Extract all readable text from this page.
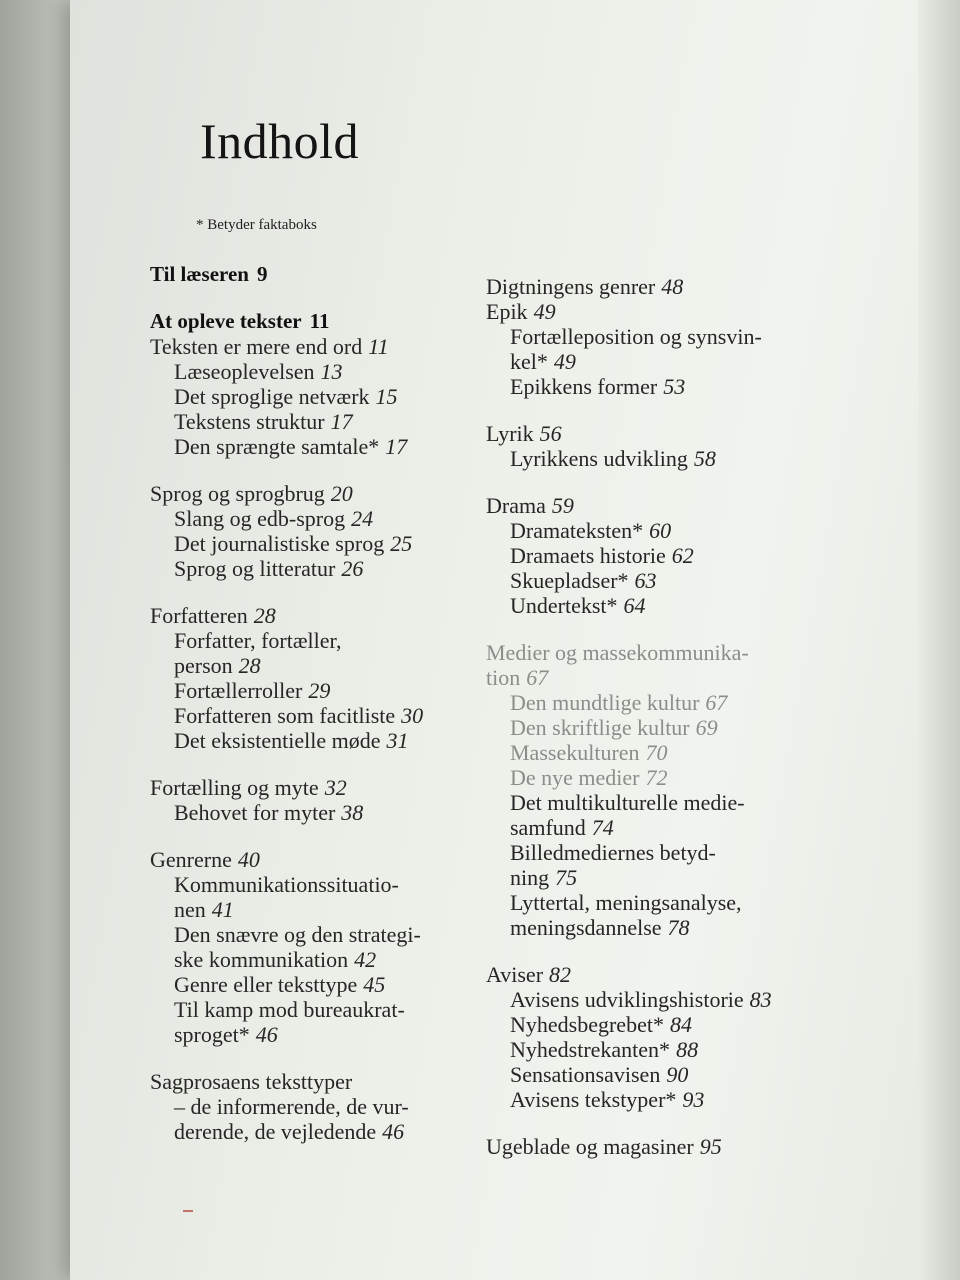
Indhold
* Betyder faktaboks
Til læseren 9
At opleve tekster 11
Teksten er mere end ord 11
Læseoplevelsen 13
Det sproglige netværk 15
Tekstens struktur 17
Den sprængte samtale* 17
Sprog og sprogbrug 20
Slang og edb-sprog 24
Det journalistiske sprog 25
Sprog og litteratur 26
Forfatteren 28
Forfatter, fortæller,
person 28
Fortællerroller 29
Forfatteren som facitliste 30
Det eksistentielle møde 31
Fortælling og myte 32
Behovet for myter 38
Genrerne 40
Kommunikationssituatio-
nen 41
Den snævre og den strategi-
ske kommunikation 42
Genre eller teksttype 45
Til kamp mod bureaukrat-
sproget* 46
Sagprosaens teksttyper
– de informerende, de vur-
derende, de vejledende 46
Digtningens genrer 48
Epik 49
Fortælleposition og synsvin-
kel* 49
Epikkens former 53
Lyrik 56
Lyrikkens udvikling 58
Drama 59
Dramateksten* 60
Dramaets historie 62
Skuepladser* 63
Undertekst* 64
Medier og massekommunika-
tion 67
Den mundtlige kultur 67
Den skriftlige kultur 69
Massekulturen 70
De nye medier 72
Det multikulturelle medie-
samfund 74
Billedmediernes betyd-
ning 75
Lyttertal, meningsanalyse,
meningsdannelse 78
Aviser 82
Avisens udviklingshistorie 83
Nyhedsbegrebet* 84
Nyhedstrekanten* 88
Sensationsavisen 90
Avisens tekstyper* 93
Ugeblade og magasiner 95
